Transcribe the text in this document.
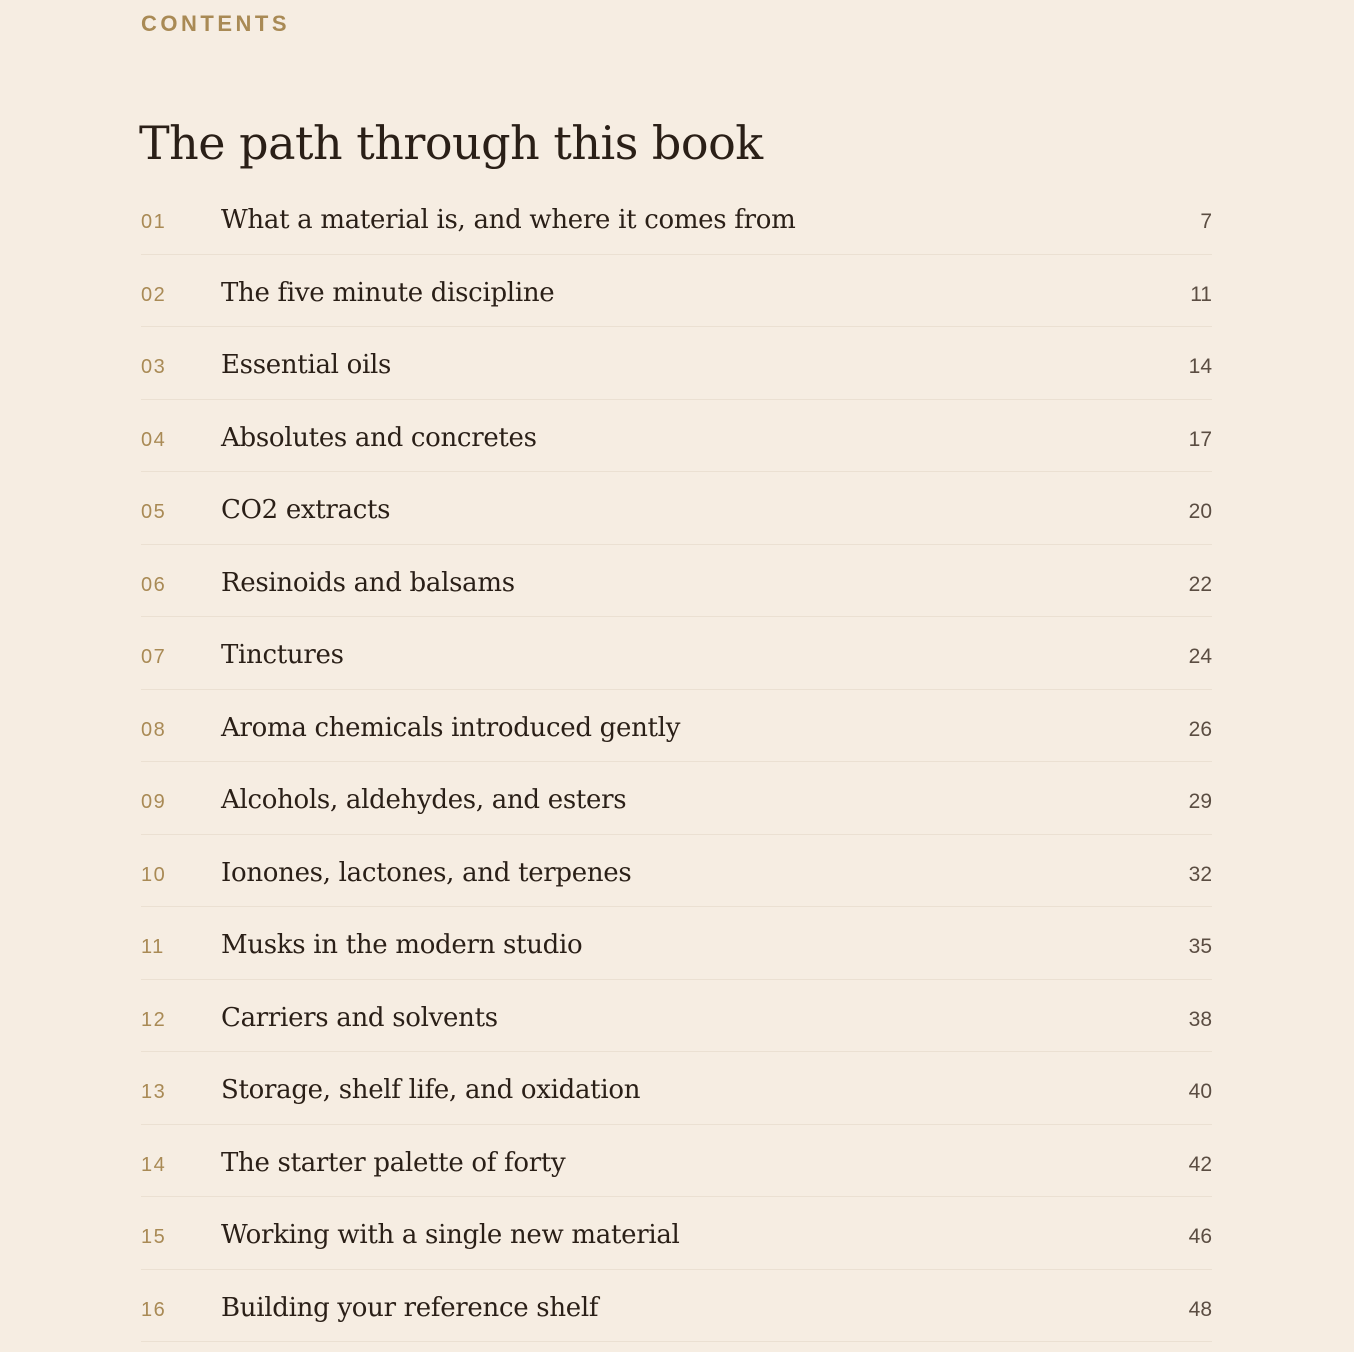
CONTENTS
The path through this book
01 What a material is, and where it comes from	7
02 The five minute discipline	11
03 Essential oils	14
04 Absolutes and concretes	17
05 CO2 extracts	20
06 Resinoids and balsams	22
07 Tinctures	24
08 Aroma chemicals introduced gently	26
09 Alcohols, aldehydes, and esters	29
10 Ionones, lactones, and terpenes	32
11 Musks in the modern studio	35
12 Carriers and solvents	38
13 Storage, shelf life, and oxidation	40
14 The starter palette of forty	42
15 Working with a single new material	46
16 Building your reference shelf	48
